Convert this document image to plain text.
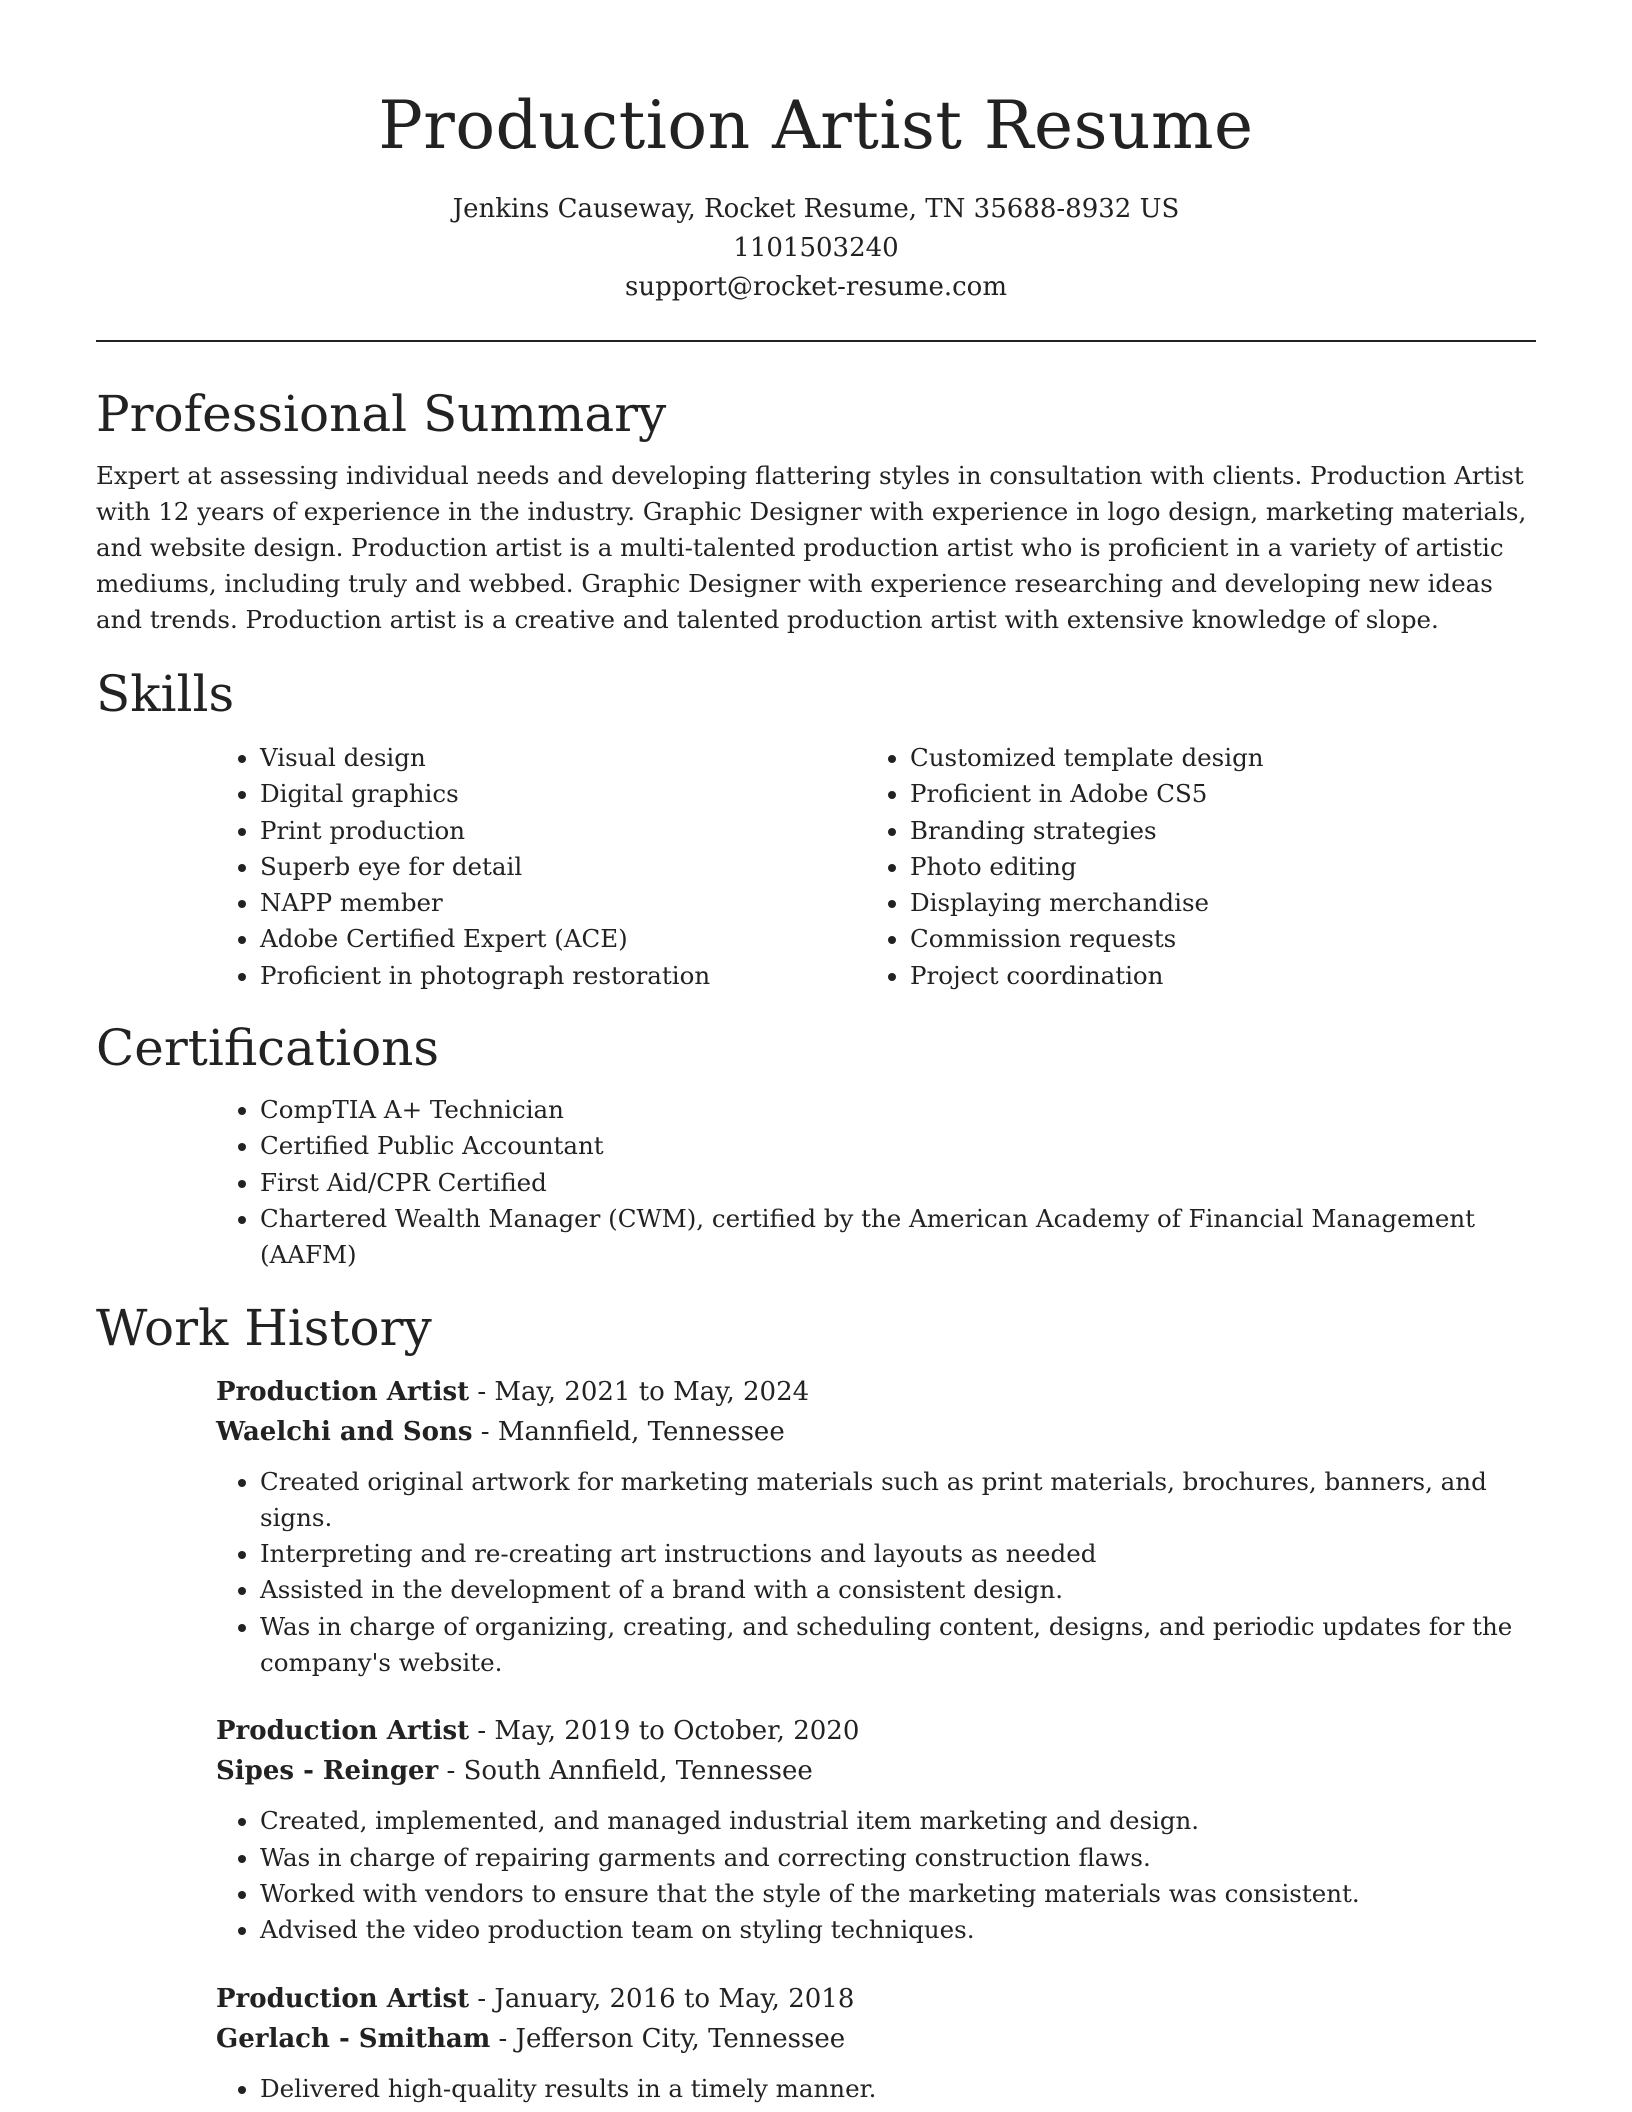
Production Artist Resume

Jenkins Causeway, Rocket Resume, TN 35688-8932 US

1101503240

support@rocket-resume.com

Professional Summary

Expert at assessing individual needs and developing flattering styles in consultation with clients. Production Artist with 12 years of experience in the industry. Graphic Designer with experience in logo design, marketing materials, and website design. Production artist is a multi-talented production artist who is proficient in a variety of artistic mediums, including truly and webbed. Graphic Designer with experience researching and developing new ideas and trends. Production artist is a creative and talented production artist with extensive knowledge of slope.

Skills
• Visual design
• Digital graphics
• Print production
• Superb eye for detail
• NAPP member
• Adobe Certified Expert (ACE)
• Proficient in photograph restoration
• Customized template design
• Proficient in Adobe CS5
• Branding strategies
• Photo editing
• Displaying merchandise
• Commission requests
• Project coordination
Certifications
• CompTIA A+ Technician
• Certified Public Accountant
• First Aid/CPR Certified
• Chartered Wealth Manager (CWM), certified by the American Academy of Financial Management (AAFM)
Work History

Production Artist - May, 2021 to May, 2024

Waelchi and Sons - Mannfield, Tennessee

• Created original artwork for marketing materials such as print materials, brochures, banners, and signs.
• Interpreting and re-creating art instructions and layouts as needed
• Assisted in the development of a brand with a consistent design.
• Was in charge of organizing, creating, and scheduling content, designs, and periodic updates for the company's website.

Production Artist - May, 2019 to October, 2020

Sipes - Reinger - South Annfield, Tennessee

• Created, implemented, and managed industrial item marketing and design.
• Was in charge of repairing garments and correcting construction flaws.
• Worked with vendors to ensure that the style of the marketing materials was consistent.
• Advised the video production team on styling techniques.

Production Artist - January, 2016 to May, 2018

Gerlach - Smitham - Jefferson City, Tennessee

• Delivered high-quality results in a timely manner.
